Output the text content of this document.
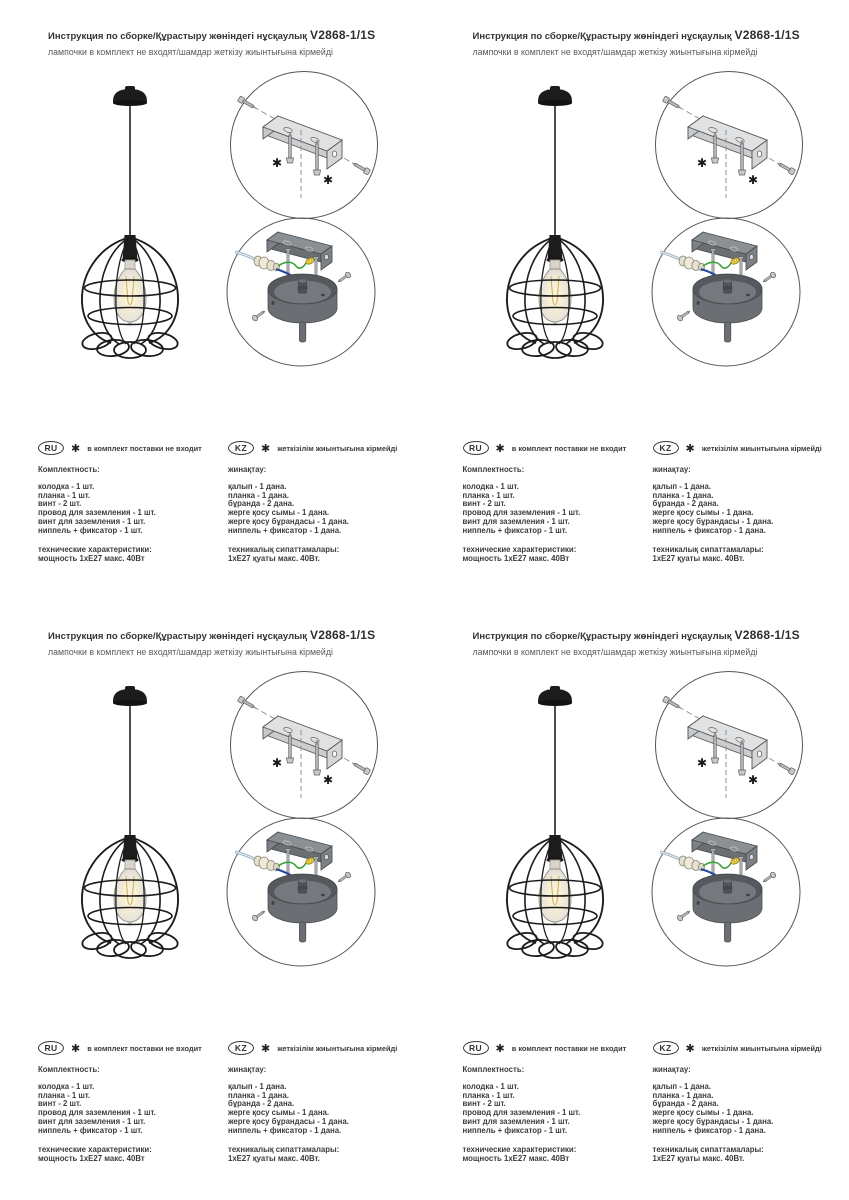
Инструкция по сборке/Құрастыру жөніндегі нұсқаулық V2868-1/1S

лампочки в комплект не входят/шамдар жеткізу жиынтығына кірмейді

✱
✱
RU	✱ в комплект поставки не входит

Комплектность:

колодка - 1 шт.
планка - 1 шт.
винт - 2 шт.
провод для заземления - 1 шт.
винт для заземления - 1 шт.
ниппель + фиксатор - 1 шт.

технические характеристики:

мощность 1хЕ27 макс. 40Вт

KZ	✱ жеткізілім жиынтығына кірмейді

жинақтау:

қалып - 1 дана.
планка - 1 дана.
бұранда - 2 дана.
жерге қосу сымы - 1 дана.
жерге қосу бұрандасы - 1 дана.
ниппель + фиксатор - 1 дана.

техникалық сипаттамалары:

1хЕ27 қуаты макс. 40Вт.

Инструкция по сборке/Құрастыру жөніндегі нұсқаулық V2868-1/1S

лампочки в комплект не входят/шамдар жеткізу жиынтығына кірмейді

✱
✱
RU	✱ в комплект поставки не входит

Комплектность:

колодка - 1 шт.
планка - 1 шт.
винт - 2 шт.
провод для заземления - 1 шт.
винт для заземления - 1 шт.
ниппель + фиксатор - 1 шт.

технические характеристики:

мощность 1хЕ27 макс. 40Вт

KZ	✱ жеткізілім жиынтығына кірмейді

жинақтау:

қалып - 1 дана.
планка - 1 дана.
бұранда - 2 дана.
жерге қосу сымы - 1 дана.
жерге қосу бұрандасы - 1 дана.
ниппель + фиксатор - 1 дана.

техникалық сипаттамалары:

1хЕ27 қуаты макс. 40Вт.

Инструкция по сборке/Құрастыру жөніндегі нұсқаулық V2868-1/1S

лампочки в комплект не входят/шамдар жеткізу жиынтығына кірмейді

✱
✱
RU	✱ в комплект поставки не входит

Комплектность:

колодка - 1 шт.
планка - 1 шт.
винт - 2 шт.
провод для заземления - 1 шт.
винт для заземления - 1 шт.
ниппель + фиксатор - 1 шт.

технические характеристики:

мощность 1хЕ27 макс. 40Вт

KZ	✱ жеткізілім жиынтығына кірмейді

жинақтау:

қалып - 1 дана.
планка - 1 дана.
бұранда - 2 дана.
жерге қосу сымы - 1 дана.
жерге қосу бұрандасы - 1 дана.
ниппель + фиксатор - 1 дана.

техникалық сипаттамалары:

1хЕ27 қуаты макс. 40Вт.

Инструкция по сборке/Құрастыру жөніндегі нұсқаулық V2868-1/1S

лампочки в комплект не входят/шамдар жеткізу жиынтығына кірмейді

✱
✱
RU	✱ в комплект поставки не входит

Комплектность:

колодка - 1 шт.
планка - 1 шт.
винт - 2 шт.
провод для заземления - 1 шт.
винт для заземления - 1 шт.
ниппель + фиксатор - 1 шт.

технические характеристики:

мощность 1хЕ27 макс. 40Вт

KZ	✱ жеткізілім жиынтығына кірмейді

жинақтау:

қалып - 1 дана.
планка - 1 дана.
бұранда - 2 дана.
жерге қосу сымы - 1 дана.
жерге қосу бұрандасы - 1 дана.
ниппель + фиксатор - 1 дана.

техникалық сипаттамалары:

1хЕ27 қуаты макс. 40Вт.
